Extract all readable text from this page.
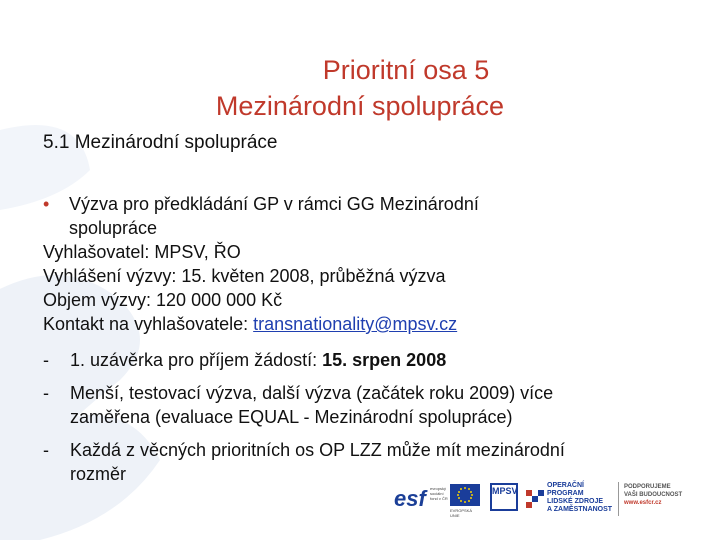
Prioritní osa 5
Mezinárodní spolupráce
5.1 Mezinárodní spolupráce
• Výzva pro předkládání GP v rámci GG Mezinárodní
spolupráce
Vyhlašovatel: MPSV, ŘO
Vyhlášení výzvy: 15. květen 2008, průběžná výzva
Objem výzvy: 120 000 000 Kč
Kontakt na vyhlašovatele: transnationality@mpsv.cz
- 1. uzávěrka pro příjem žádostí: 15. srpen 2008
- Menší, testovací výzva, další výzva (začátek roku 2009) více
zaměřena (evaluace EQUAL - Mezinárodní spolupráce)
- Každá z věcných prioritních os OP LZZ může mít mezinárodní
rozměr
esf	evropský sociální fond v ČR
EVROPSKÁ UNIE
MPSV
OPERAČNÍ PROGRAM
LIDSKÉ ZDROJE
A ZAMĚSTNANOST
PODPORUJEME
VAŠI BUDOUCNOST
www.esfcr.cz
